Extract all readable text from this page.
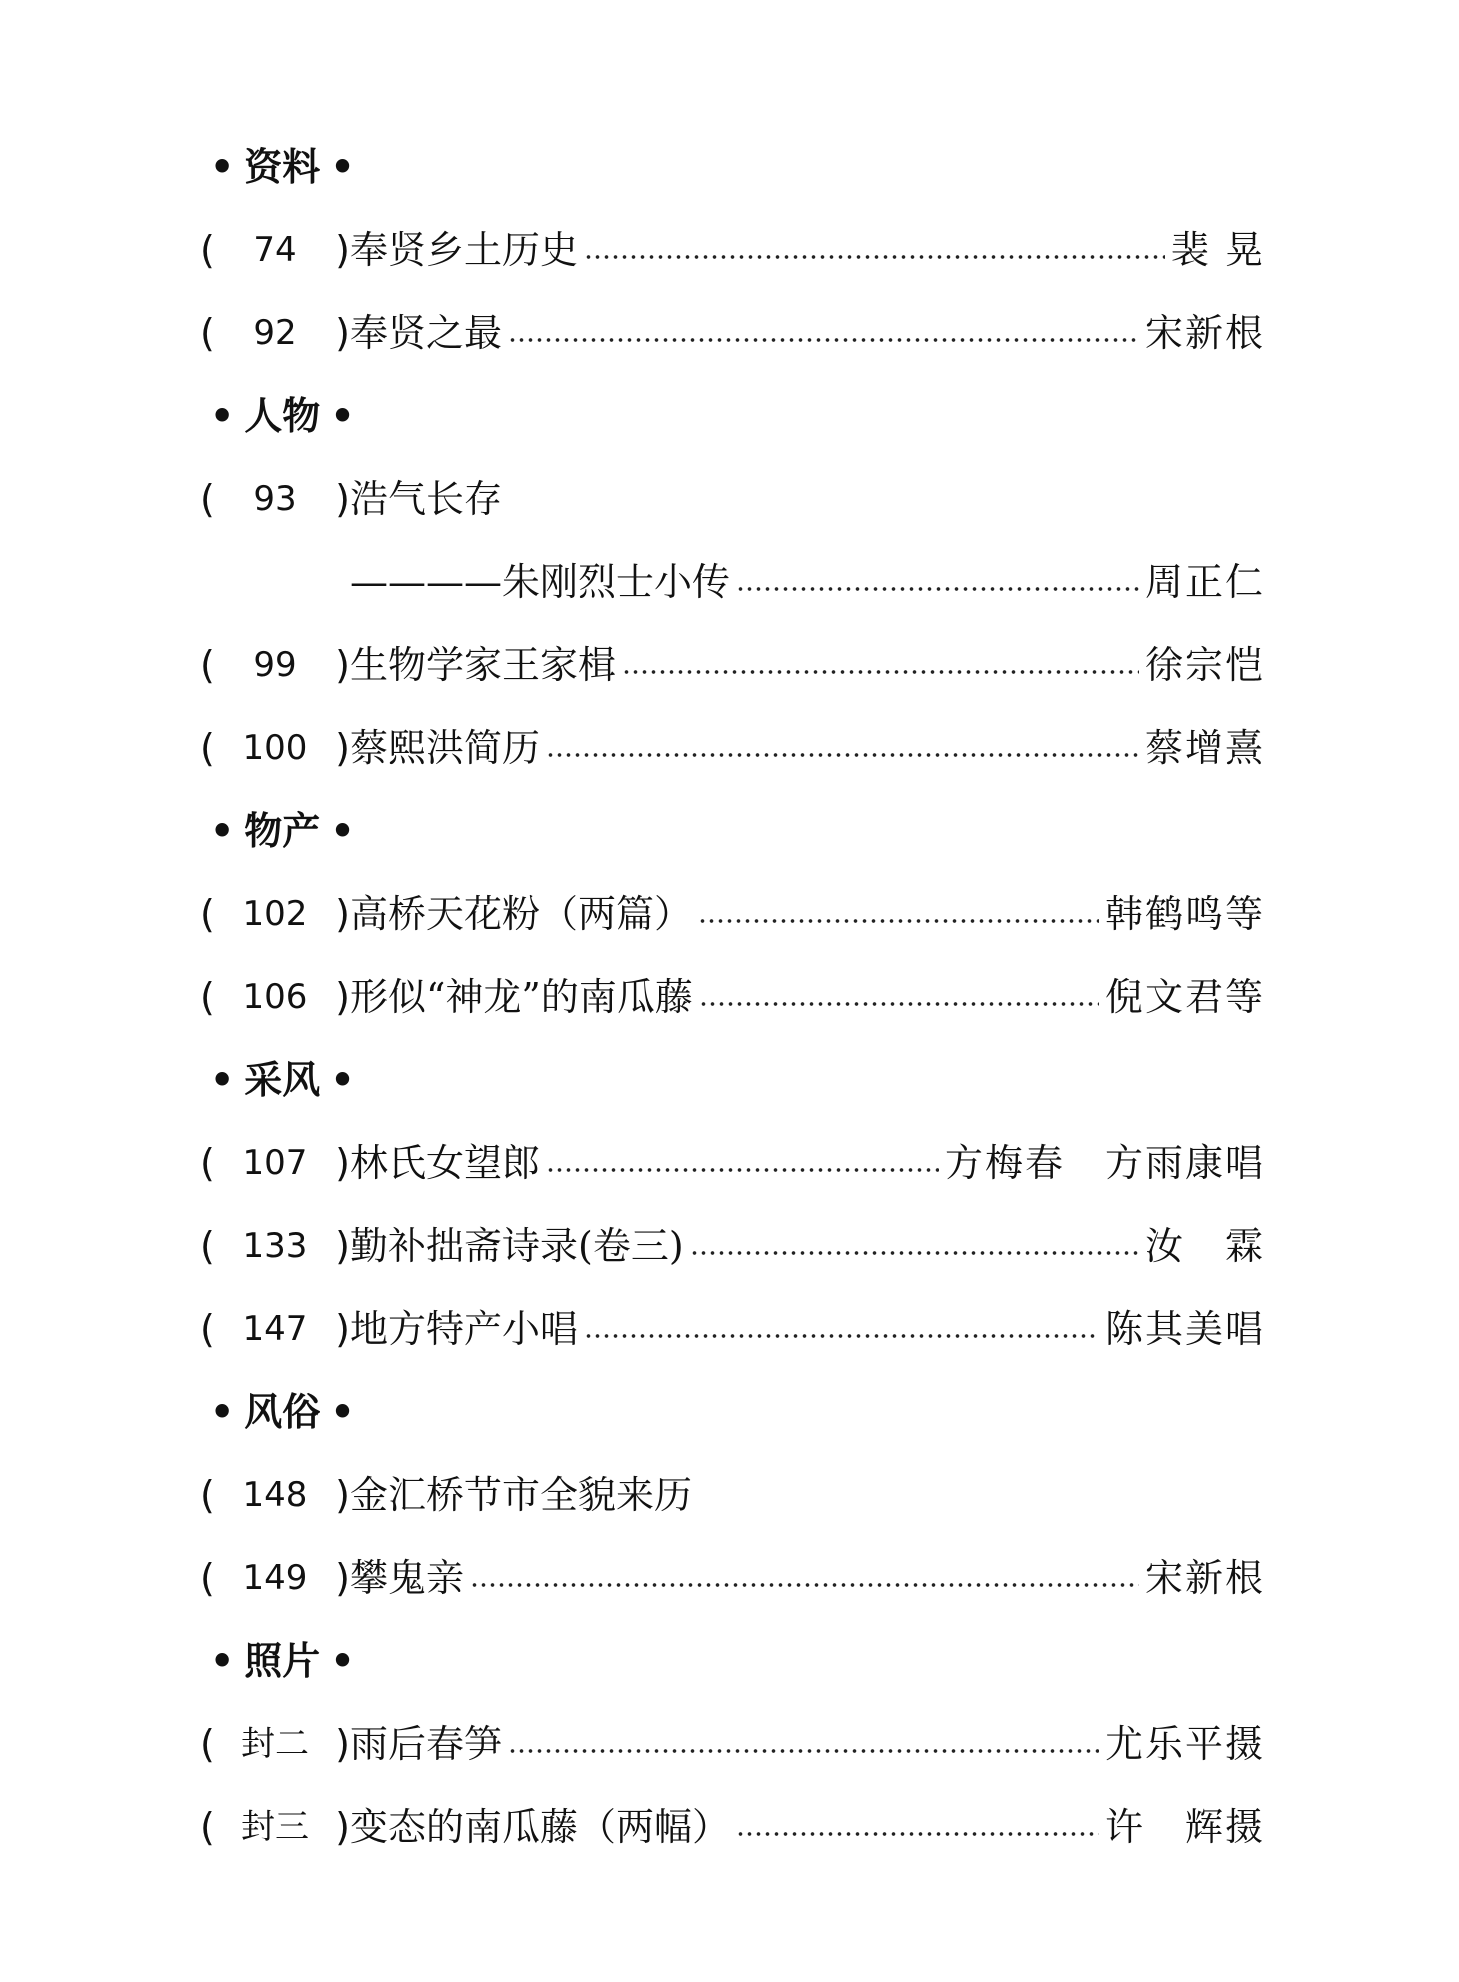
• 资料 •
(	74	) 奉贤乡土历史	裴 晃
(	92	) 奉贤之最	宋新根
• 人物 •
(	93	) 浩气长存
————朱刚烈士小传	周正仁
(	99	) 生物学家王家楫	徐宗恺
( 100 ) 蔡熙洪简历	蔡增熹
• 物产 •
( 102 ) 高桥天花粉（两篇）	韩鹤鸣等
( 106 ) 形似“神龙”的南瓜藤	倪文君等
• 采风 •
( 107 ) 林氏女望郎	方梅春　方雨康唱
( 133 ) 勤补拙斋诗录(卷三)	汝　霖
( 147 ) 地方特产小唱	陈其美唱
• 风俗 •
( 148 ) 金汇桥节市全貌来历
( 149 ) 攀鬼亲	宋新根
• 照片 •
( 封二 ) 雨后春笋	尤乐平摄
( 封三 ) 变态的南瓜藤（两幅）	许　辉摄
